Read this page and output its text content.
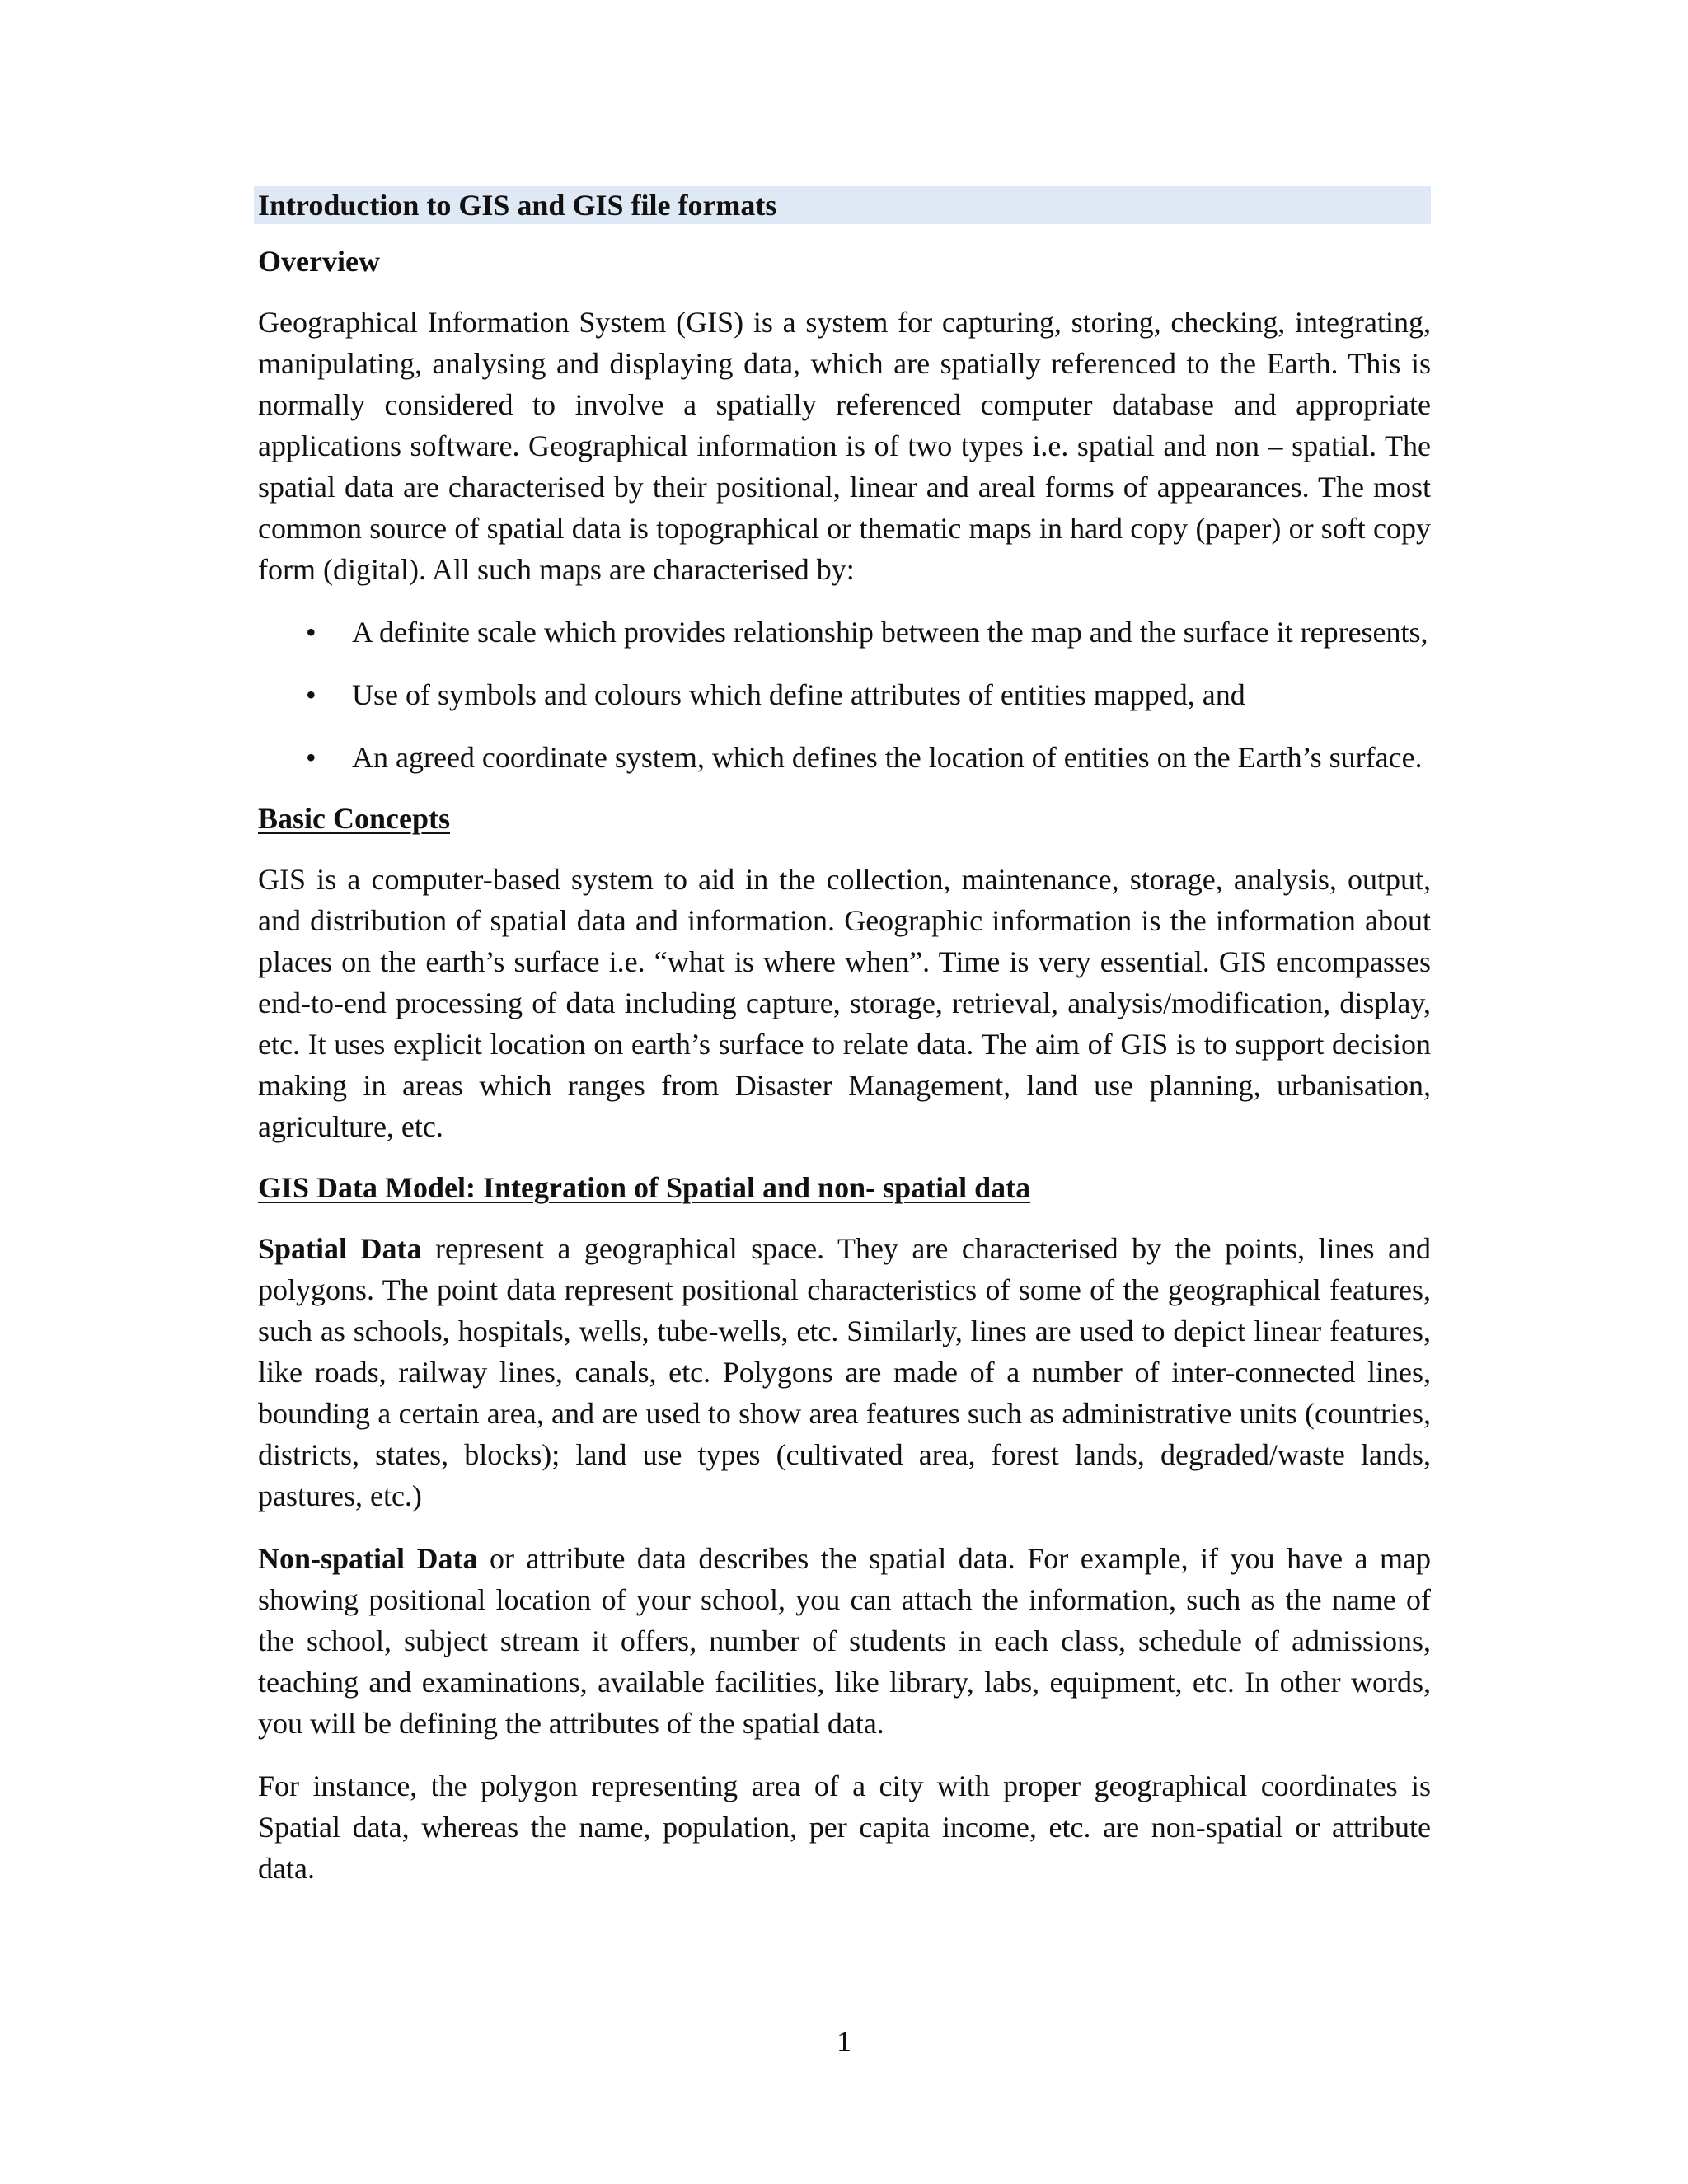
Introduction to GIS and GIS file formats
Overview

Geographical Information System (GIS) is a system for capturing, storing, checking, integrating, manipulating, analysing and displaying data, which are spatially referenced to the Earth. This is normally considered to involve a spatially referenced computer database and appropriate applications software. Geographical information is of two types i.e. spatial and non – spatial. The spatial data are characterised by their positional, linear and areal forms of appearances. The most common source of spatial data is topographical or thematic maps in hard copy (paper) or soft copy form (digital). All such maps are characterised by:

• A definite scale which provides relationship between the map and the surface it represents,
• Use of symbols and colours which define attributes of entities mapped, and
• An agreed coordinate system, which defines the location of entities on the Earth’s surface.
Basic Concepts

GIS is a computer-based system to aid in the collection, maintenance, storage, analysis, output, and distribution of spatial data and information. Geographic information is the information about places on the earth’s surface i.e. “what is where when”. Time is very essential. GIS encompasses end-to-end processing of data including capture, storage, retrieval, analysis/modification, display, etc. It uses explicit location on earth’s surface to relate data. The aim of GIS is to support decision making in areas which ranges from Disaster Management, land use planning, urbanisation, agriculture, etc.

GIS Data Model: Integration of Spatial and non- spatial data

Spatial Data represent a geographical space. They are characterised by the points, lines and polygons. The point data represent positional characteristics of some of the geographical features, such as schools, hospitals, wells, tube-wells, etc. Similarly, lines are used to depict linear features, like roads, railway lines, canals, etc. Polygons are made of a number of inter-connected lines, bounding a certain area, and are used to show area features such as administrative units (countries, districts, states, blocks); land use types (cultivated area, forest lands, degraded/waste lands, pastures, etc.)

Non-spatial Data or attribute data describes the spatial data. For example, if you have a map showing positional location of your school, you can attach the information, such as the name of the school, subject stream it offers, number of students in each class, schedule of admissions, teaching and examinations, available facilities, like library, labs, equipment, etc. In other words, you will be defining the attributes of the spatial data.

For instance, the polygon representing area of a city with proper geographical coordinates is Spatial data, whereas the name, population, per capita income, etc. are non-spatial or attribute data.

1
